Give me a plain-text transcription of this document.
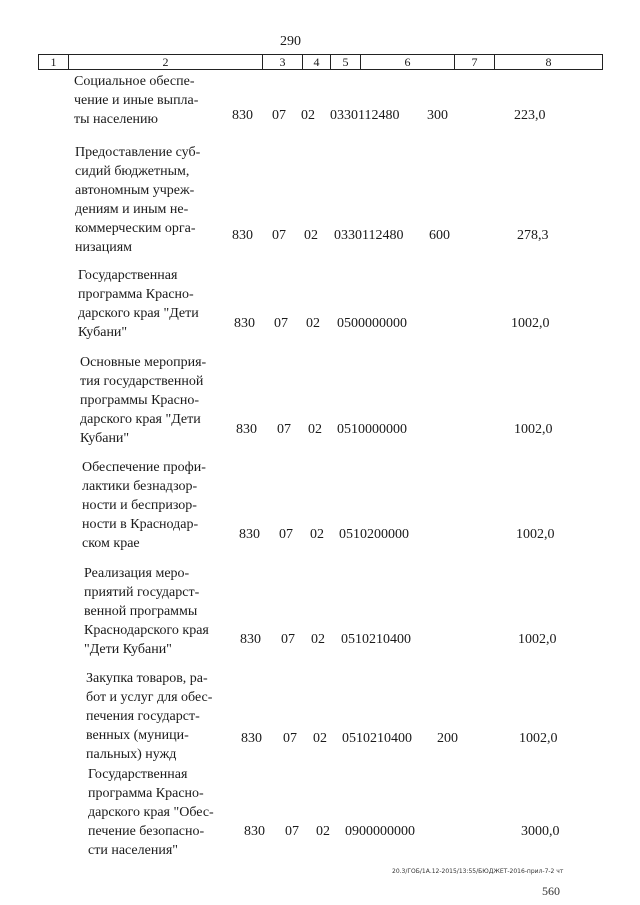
290
1	2	3	4	5	6	7	8
Социальное обеспе-
чение и иные выпла-
ты населению	830 07 02 0330112480 300	223,0
Предоставление суб-
сидий бюджетным,
автономным учреж-
дениям и иным не-
коммерческим орга-
низациям
830 07 02 0330112480 600	278,3
Государственная
программа Красно-
дарского края "Дети
Кубани"
830 07 02 0500000000	1002,0
Основные мероприя-
тия государственной
программы Красно-
дарского края "Дети
Кубани"
830 07 02 0510000000	1002,0
Обеспечение профи-
лактики безнадзор-
ности и беспризор-
ности в Краснодар-
ском крае
830 07 02 0510200000	1002,0
Реализация меро-
приятий государст-
венной программы
Краснодарского края
"Дети Кубани"
830 07 02 0510210400	1002,0
Закупка товаров, ра-
бот и услуг для обес-
печения государст-
венных (муници-
пальных) нужд
830 07 02 0510210400 200	1002,0
Государственная
программа Красно-
дарского края "Обес-
печение безопасно-
сти населения"
830 07 02 0900000000	3000,0
20.3/ГОБ/1А.12-2015/13:55/БЮДЖЕТ-2016-прил-7-2 чт
560
